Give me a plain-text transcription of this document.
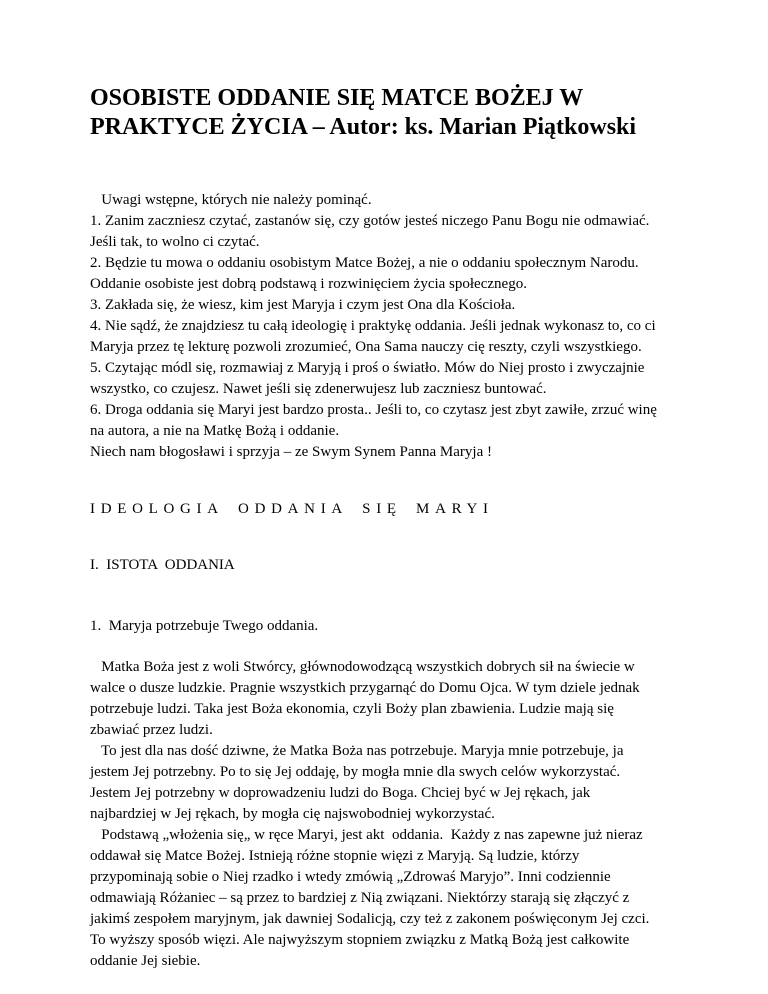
OSOBISTE ODDANIE SIĘ MATCE BOŻEJ W
PRAKTYCE ŻYCIA – Autor: ks. Marian Piątkowski
Uwagi wstępne, których nie należy pominąć.
1. Zanim zaczniesz czytać, zastanów się, czy gotów jesteś niczego Panu Bogu nie odmawiać.
Jeśli tak, to wolno ci czytać.
2. Będzie tu mowa o oddaniu osobistym Matce Bożej, a nie o oddaniu społecznym Narodu.
Oddanie osobiste jest dobrą podstawą i rozwinięciem życia społecznego.
3. Zakłada się, że wiesz, kim jest Maryja i czym jest Ona dla Kościoła.
4. Nie sądź, że znajdziesz tu całą ideologię i praktykę oddania. Jeśli jednak wykonasz to, co ci
Maryja przez tę lekturę pozwoli zrozumieć, Ona Sama nauczy cię reszty, czyli wszystkiego.
5. Czytając módl się, rozmawiaj z Maryją i proś o światło. Mów do Niej prosto i zwyczajnie
wszystko, co czujesz. Nawet jeśli się zdenerwujesz lub zaczniesz buntować.
6. Droga oddania się Maryi jest bardzo prosta.. Jeśli to, co czytasz jest zbyt zawiłe, zrzuć winę
na autora, a nie na Matkę Bożą i oddanie.
Niech nam błogosławi i sprzyja – ze Swym Synem Panna Maryja !
IDEOLOGIA ODDANIA SIĘ MARYI
I.  ISTOTA  ODDANIA
1.  Maryja potrzebuje Twego oddania.
Matka Boża jest z woli Stwórcy, głównodowodzącą wszystkich dobrych sił na świecie w
walce o dusze ludzkie. Pragnie wszystkich przygarnąć do Domu Ojca. W tym dziele jednak
potrzebuje ludzi. Taka jest Boża ekonomia, czyli Boży plan zbawienia. Ludzie mają się
zbawiać przez ludzi.
To jest dla nas dość dziwne, że Matka Boża nas potrzebuje. Maryja mnie potrzebuje, ja
jestem Jej potrzebny. Po to się Jej oddaję, by mogła mnie dla swych celów wykorzystać.
Jestem Jej potrzebny w doprowadzeniu ludzi do Boga. Chciej być w Jej rękach, jak
najbardziej w Jej rękach, by mogła cię najswobodniej wykorzystać.
Podstawą „włożenia się„ w ręce Maryi, jest akt  oddania.  Każdy z nas zapewne już nieraz
oddawał się Matce Bożej. Istnieją różne stopnie więzi z Maryją. Są ludzie, którzy
przypominają sobie o Niej rzadko i wtedy zmówią „Zdrowaś Maryjo”. Inni codziennie
odmawiają Różaniec – są przez to bardziej z Nią związani. Niektórzy starają się złączyć z
jakimś zespołem maryjnym, jak dawniej Sodalicją, czy też z zakonem poświęconym Jej czci.
To wyższy sposób więzi. Ale najwyższym stopniem związku z Matką Bożą jest całkowite
oddanie Jej siebie.
